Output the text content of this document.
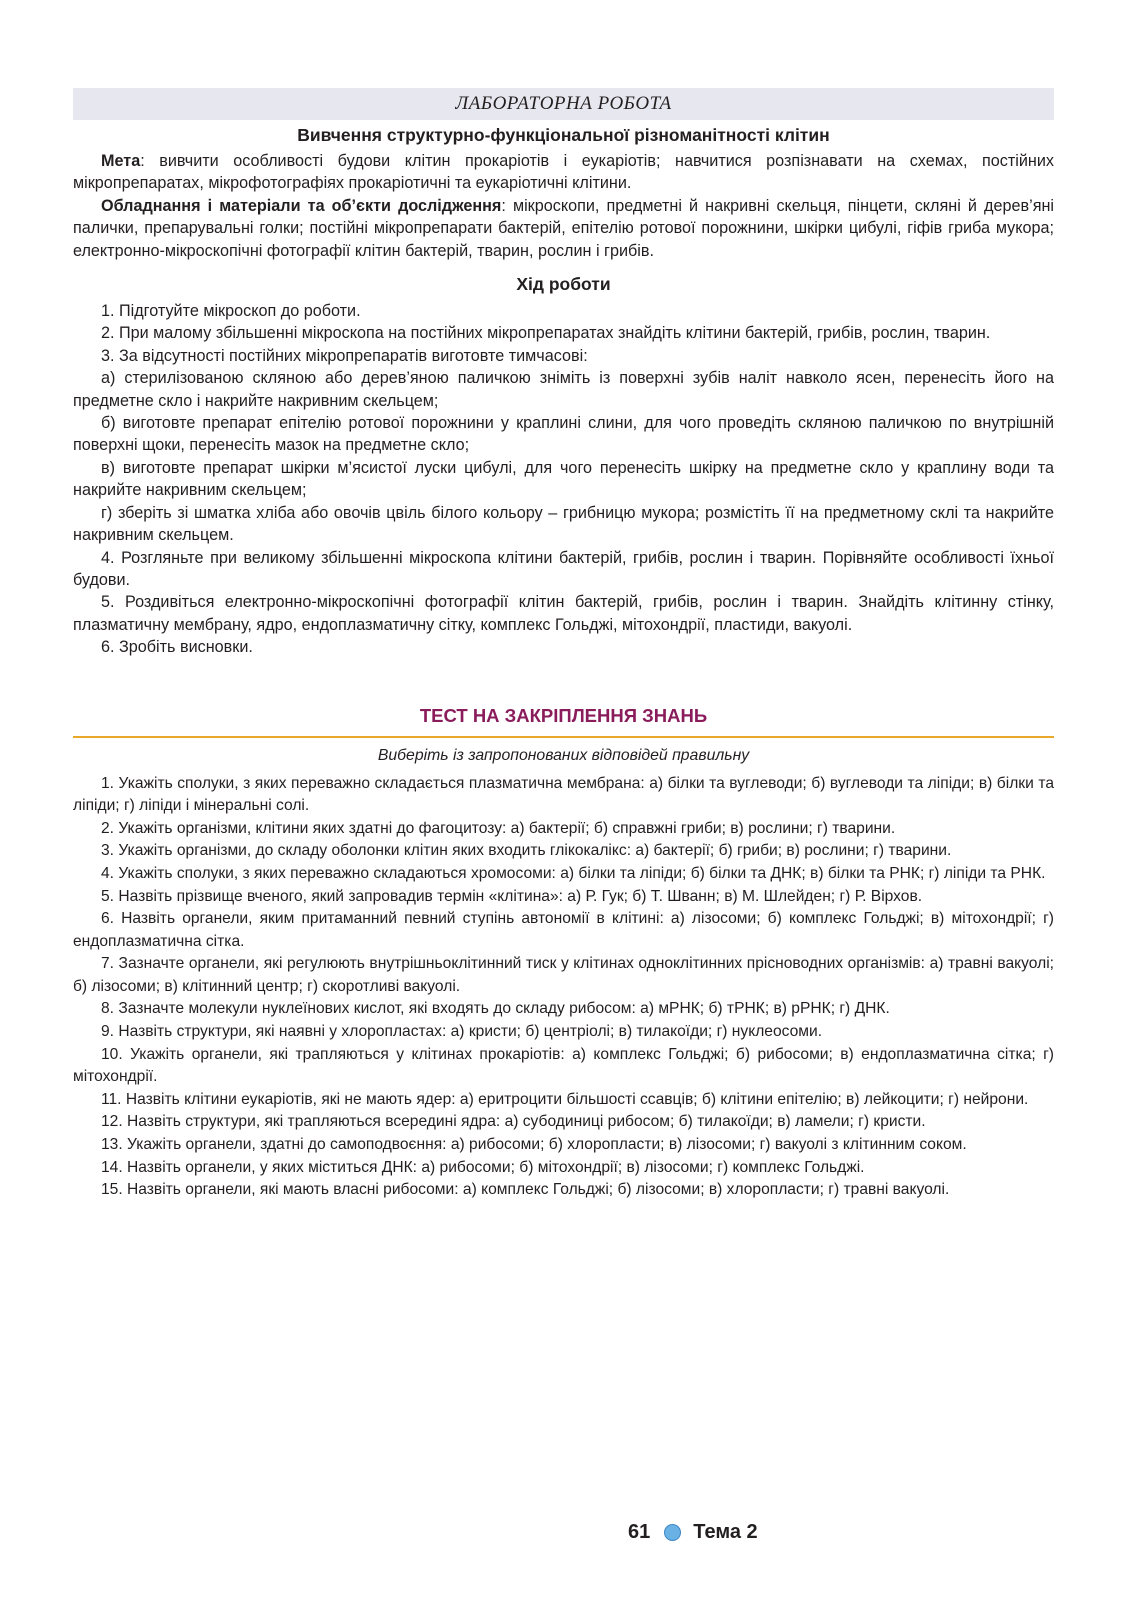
ЛАБОРАТОРНА РОБОТА
Вивчення структурно-функціональної різноманітності клітин

Мета: вивчити особливості будови клітин прокаріотів і еукаріотів; навчитися розпізнавати на схемах, постійних мікропрепаратах, мікрофотографіях прокаріотичні та еукаріотичні клітини.

Обладнання і матеріали та об’єкти дослідження: мікроскопи, предметні й накривні скельця, пінцети, скляні й дерев’яні палички, препарувальні голки; постійні мікропрепарати бактерій, епітелію ротової порожнини, шкірки цибулі, гіфів гриба мукора; електронно-мікроскопічні фотографії клітин бактерій, тварин, рослин і грибів.

Хід роботи

1. Підготуйте мікроскоп до роботи.

2. При малому збільшенні мікроскопа на постійних мікропрепаратах знайдіть клітини бактерій, грибів, рослин, тварин.

3. За відсутності постійних мікропрепаратів виготовте тимчасові:

а) стерилізованою скляною або дерев’яною паличкою зніміть із поверхні зубів наліт навколо ясен, перенесіть його на предметне скло і накрийте накривним скельцем;

б) виготовте препарат епітелію ротової порожнини у краплині слини, для чого проведіть скляною паличкою по внутрішній поверхні щоки, перенесіть мазок на предметне скло;

в) виготовте препарат шкірки м’ясистої луски цибулі, для чого перенесіть шкірку на предметне скло у краплину води та накрийте накривним скельцем;

г) зберіть зі шматка хліба або овочів цвіль білого кольору – грибницю мукора; розмістіть її на предметному склі та накрийте накривним скельцем.

4. Розгляньте при великому збільшенні мікроскопа клітини бактерій, грибів, рослин і тварин. Порівняйте особливості їхньої будови.

5. Роздивіться електронно-мікроскопічні фотографії клітин бактерій, грибів, рослин і тварин. Знайдіть клітинну стінку, плазматичну мембрану, ядро, ендоплазматичну сітку, комплекс Гольджі, мітохондрії, пластиди, вакуолі.

6. Зробіть висновки.

ТЕСТ НА ЗАКРІПЛЕННЯ ЗНАНЬ
Виберіть із запропонованих відповідей правильну

1. Укажіть сполуки, з яких переважно складається плазматична мембрана: а) білки та вуглеводи; б) вуглеводи та ліпіди; в) білки та ліпіди; г) ліпіди і мінеральні солі.

2. Укажіть організми, клітини яких здатні до фагоцитозу: а) бактерії; б) справжні гриби; в) рослини; г) тварини.

3. Укажіть організми, до складу оболонки клітин яких входить глікокалікс: а) бактерії; б) гриби; в) рослини; г) тварини.

4. Укажіть сполуки, з яких переважно складаються хромосоми: а) білки та ліпіди; б) білки та ДНК; в) білки та РНК; г) ліпіди та РНК.

5. Назвіть прізвище вченого, який запровадив термін «клітина»: а) Р. Гук; б) Т. Шванн; в) М. Шлейден; г) Р. Вірхов.

6. Назвіть органели, яким притаманний певний ступінь автономії в клітині: а) лізосоми; б) комплекс Гольджі; в) мітохондрії; г) ендоплазматична сітка.

7. Зазначте органели, які регулюють внутрішньоклітинний тиск у клітинах одноклітинних прісноводних організмів: а) травні вакуолі; б) лізосоми; в) клітинний центр; г) скоротливі вакуолі.

8. Зазначте молекули нуклеїнових кислот, які входять до складу рибосом: а) мРНК; б) тРНК; в) рРНК; г) ДНК.

9. Назвіть структури, які наявні у хлоропластах: а) кристи; б) центріолі; в) тилакоїди; г) нуклеосоми.

10. Укажіть органели, які трапляються у клітинах прокаріотів: а) комплекс Гольджі; б) рибосоми; в) ендоплазматична сітка; г) мітохондрії.

11. Назвіть клітини еукаріотів, які не мають ядер: а) еритроцити більшості ссавців; б) клітини епітелію; в) лейкоцити; г) нейрони.

12. Назвіть структури, які трапляються всередині ядра: а) субодиниці рибосом; б) тилакоїди; в) ламели; г) кристи.

13. Укажіть органели, здатні до самоподвоєння: а) рибосоми; б) хлоропласти; в) лізосоми; г) вакуолі з клітинним соком.

14. Назвіть органели, у яких міститься ДНК: а) рибосоми; б) мітохондрії; в) лізосоми; г) комплекс Гольджі.

15. Назвіть органели, які мають власні рибосоми: а) комплекс Гольджі; б) лізосоми; в) хлоропласти; г) травні вакуолі.

61 Тема 2
